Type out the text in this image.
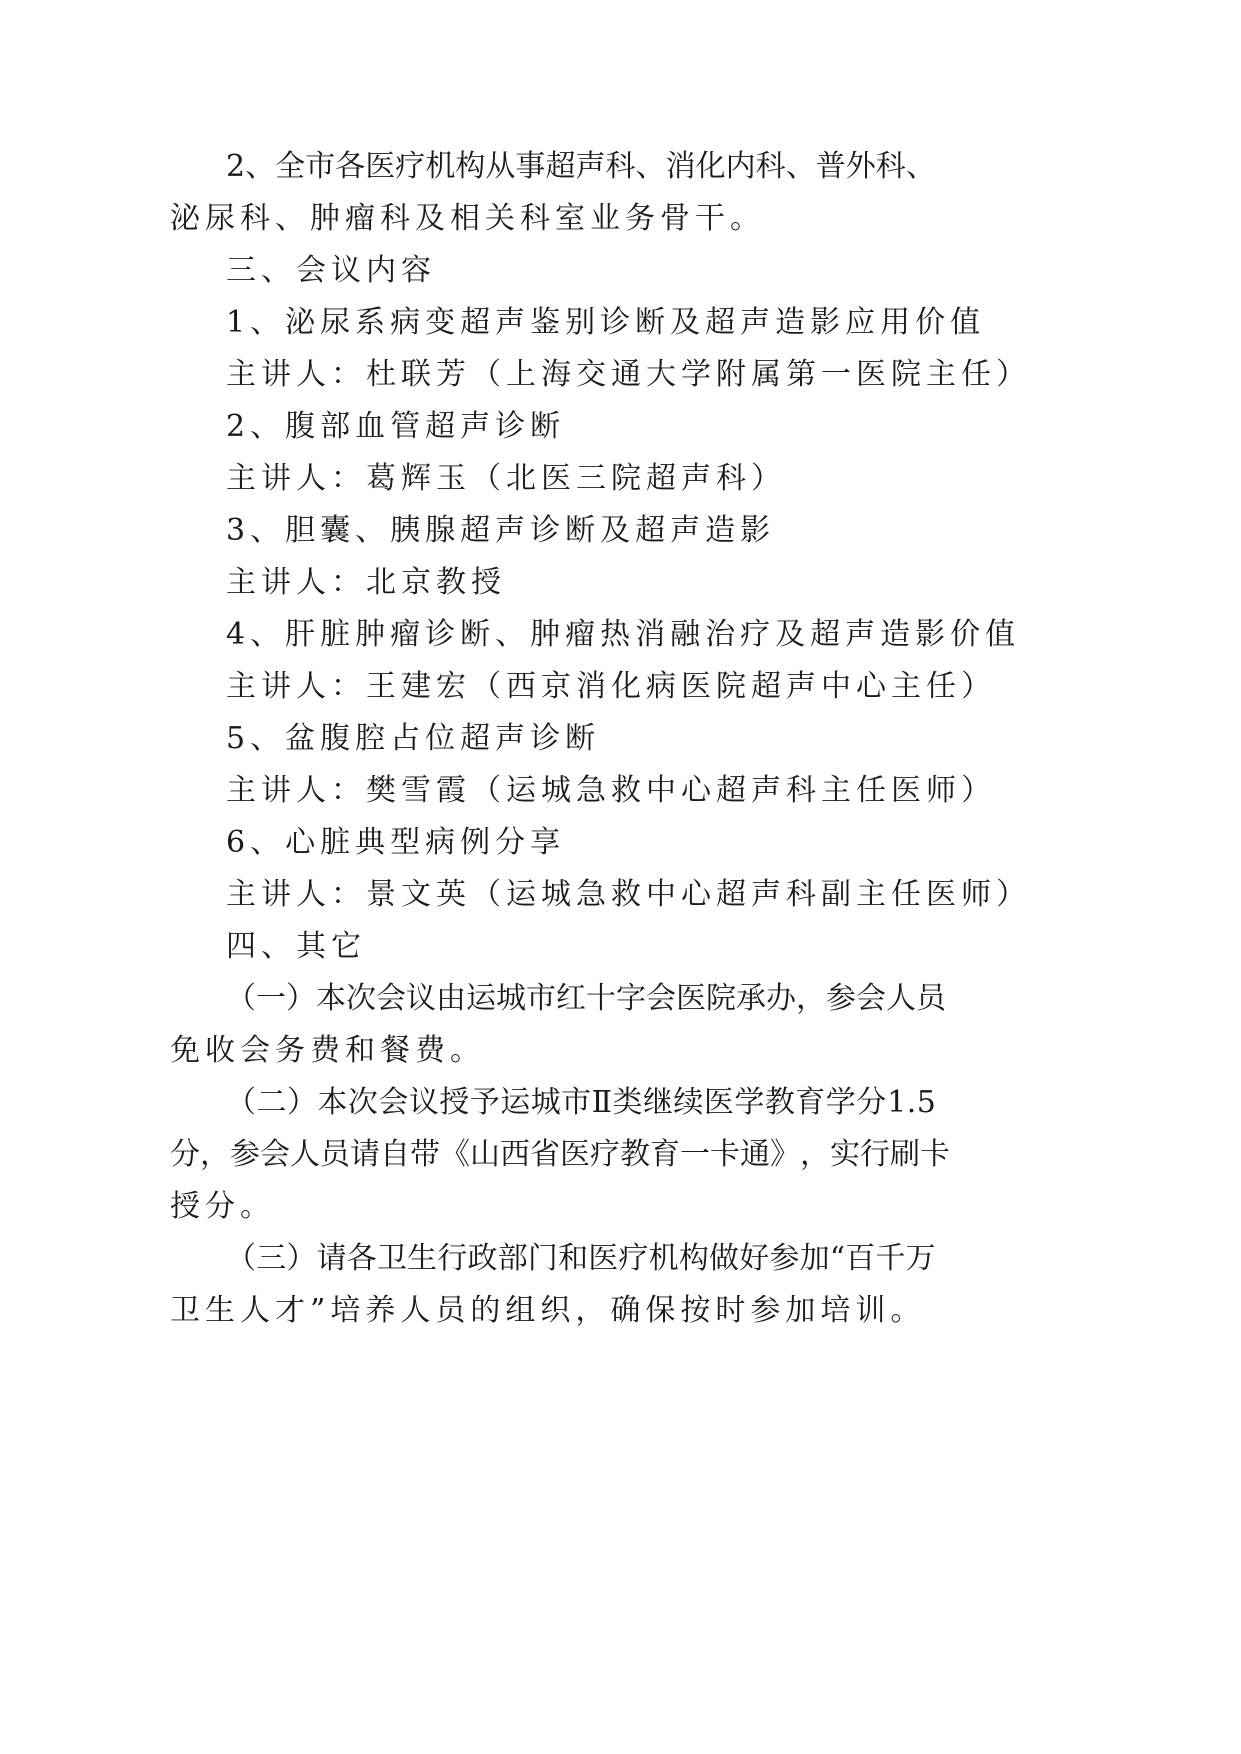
2 、 全 市 各 医 疗 机 构 从 事 超 声 科 、 消 化 内 科 、 普 外 科 、
泌尿科、肿瘤科及相关科室业务骨干。
三、会议内容
1、泌尿系病变超声鉴别诊断及超声造影应用价值
主讲人：杜联芳（上海交通大学附属第一医院主任）
2、腹部血管超声诊断
主讲人：葛辉玉（北医三院超声科）
3、胆囊、胰腺超声诊断及超声造影
主讲人：北京教授
4、肝脏肿瘤诊断、肿瘤热消融治疗及超声造影价值
主讲人：王建宏（西京消化病医院超声中心主任）
5、盆腹腔占位超声诊断
主讲人：樊雪霞（运城急救中心超声科主任医师）
6、心脏典型病例分享
主讲人：景文英（运城急救中心超声科副主任医师）
四、其它
（ 一 ） 本 次 会 议 由 运 城 市 红 十 字 会 医 院 承 办 ， 参 会 人 员
免收会务费和餐费。
（ 二 ） 本 次 会 议 授 予 运 城 市 Ⅱ 类 继 续 医 学 教 育 学 分 1 . 5
分 ， 参 会 人 员 请 自 带 《 山 西 省 医 疗 教 育 一 卡 通 》 ， 实 行 刷 卡
授分。
（ 三 ） 请 各 卫 生 行 政 部 门 和 医 疗 机 构 做 好 参 加 “ 百 千 万
卫生人才”培养人员的组织，确保按时参加培训。
